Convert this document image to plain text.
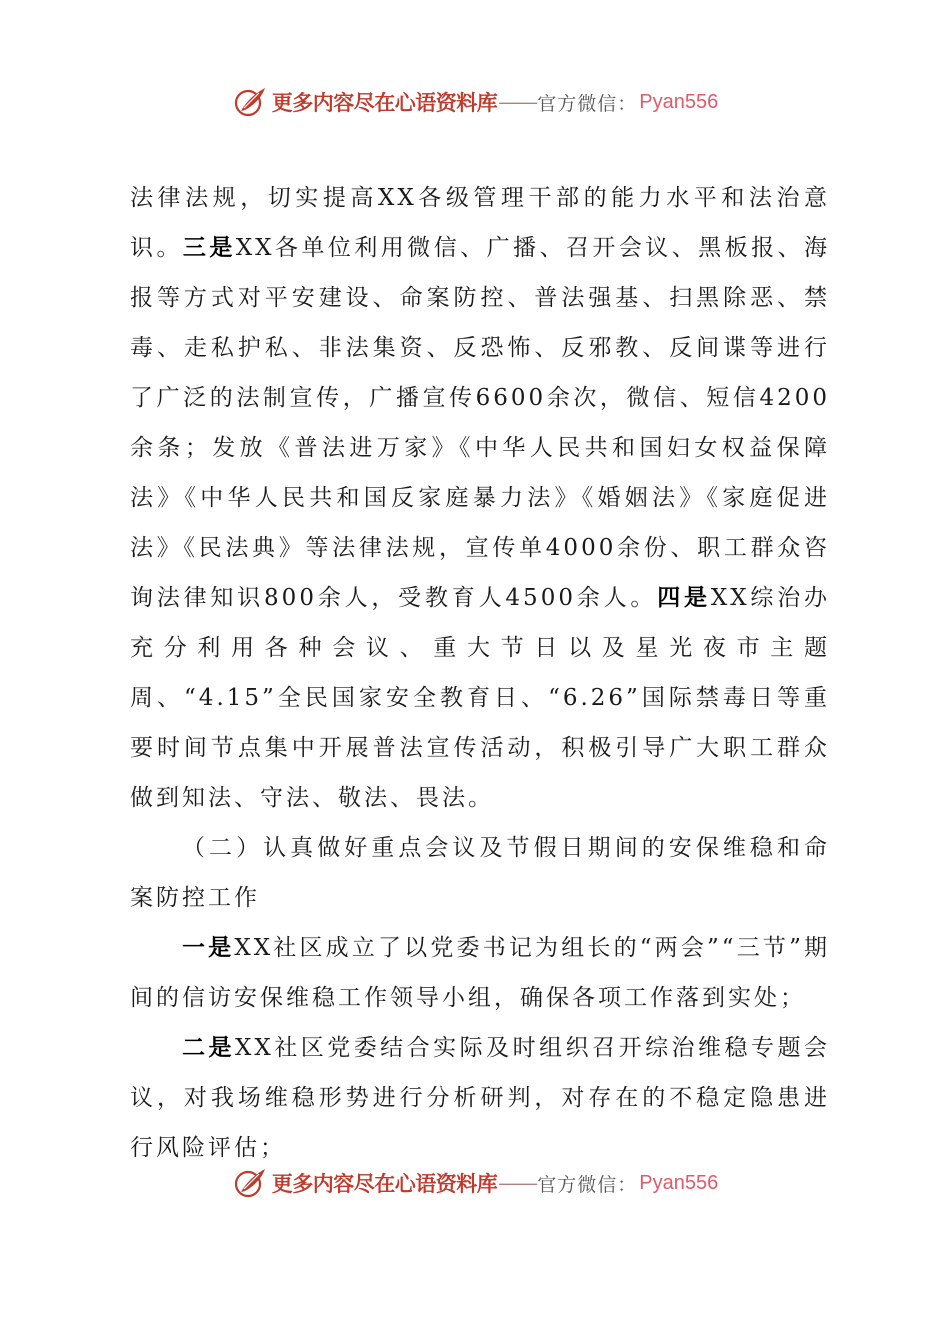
更多内容尽在心语资料库 —— 官方微信： Pyan556

法律法规，切实提高XX各级管理干部的能力水平和法治意识。三是XX各单位利用微信、广播、召开会议、黑板报、海报等方式对平安建设、命案防控、普法强基、扫黑除恶、禁毒、走私护私、非法集资、反恐怖、反邪教、反间谍等进行了广泛的法制宣传，广播宣传6600余次，微信、短信4200余条；发放《普法进万家》《中华人民共和国妇女权益保障法》《中华人民共和国反家庭暴力法》《婚姻法》《家庭促进法》《民法典》等法律法规，宣传单4000余份、职工群众咨询法律知识800余人，受教育人4500余人。四是XX综治办充分利用各种会议、重大节日以及星光夜市主题周、“4.15”全民国家安全教育日、“6.26”国际禁毒日等重要时间节点集中开展普法宣传活动，积极引导广大职工群众做到知法、守法、敬法、畏法。

（二）认真做好重点会议及节假日期间的安保维稳和命案防控工作

一是XX社区成立了以党委书记为组长的“两会”“三节”期间的信访安保维稳工作领导小组，确保各项工作落到实处；

二是XX社区党委结合实际及时组织召开综治维稳专题会议，对我场维稳形势进行分析研判，对存在的不稳定隐患进行风险评估；

更多内容尽在心语资料库 —— 官方微信： Pyan556
